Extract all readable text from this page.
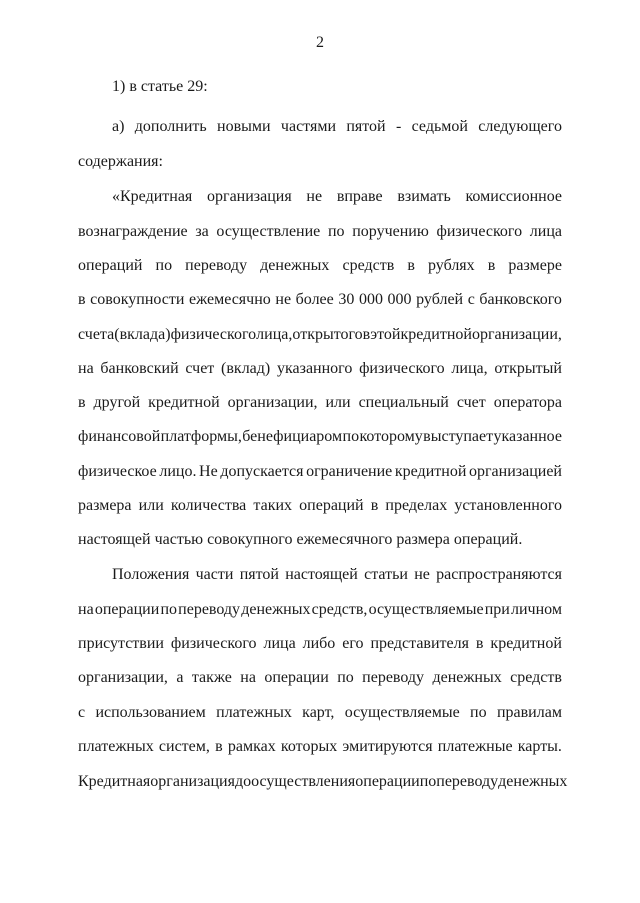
2
1) в статье 29:
а) дополнить новыми частями пятой - седьмой следующего
содержания:
«Кредитная организация не вправе взимать комиссионное
вознаграждение за осуществление по поручению физического лица
операций по переводу денежных средств в рублях в размере
в совокупности ежемесячно не более 30 000 000 рублей с банковского
счета (вклада) физического лица, открытого в этой кредитной организации,
на банковский счет (вклад) указанного физического лица, открытый
в другой кредитной организации, или специальный счет оператора
финансовой платформы, бенефициаром по которому выступает указанное
физическое лицо. Не допускается ограничение кредитной организацией
размера или количества таких операций в пределах установленного
настоящей частью совокупного ежемесячного размера операций.
Положения части пятой настоящей статьи не распространяются
на операции по переводу денежных средств, осуществляемые при личном
присутствии физического лица либо его представителя в кредитной
организации, а также на операции по переводу денежных средств
с использованием платежных карт, осуществляемые по правилам
платежных систем, в рамках которых эмитируются платежные карты.
Кредитная организация до осуществления операции по переводу денежных
